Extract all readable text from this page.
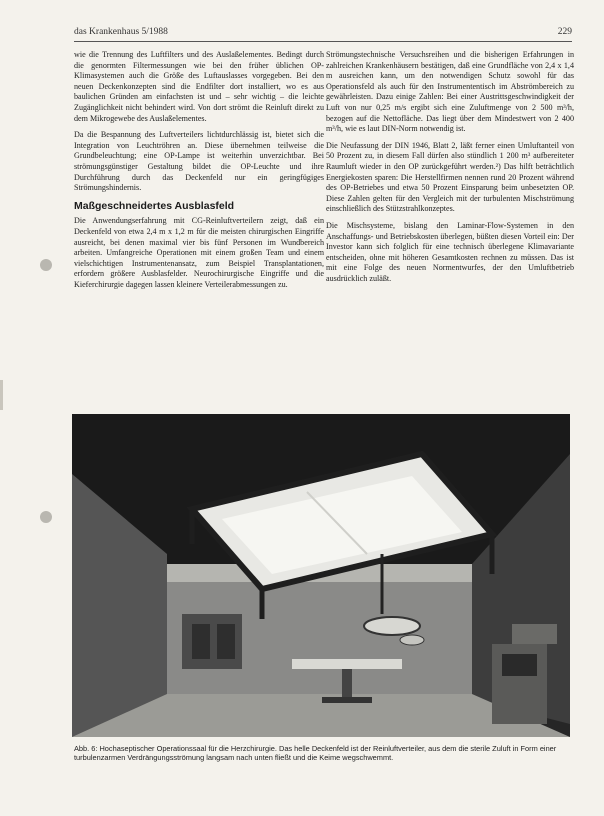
das Krankenhaus 5/1988	229

wie die Trennung des Luftfilters und des Auslaßelementes. Bedingt durch die genormten Filtermessungen wie bei den früher üblichen OP-Klimasystemen auch die Größe des Luftauslasses vorgegeben. Bei den neuen Deckenkonzepten sind die Endfilter dort installiert, wo es aus baulichen Gründen am einfachsten ist und – sehr wichtig – die leichte Zugänglichkeit nicht behindert wird. Von dort strömt die Reinluft direkt zu dem Mikrogewebe des Auslaßelementes.

Da die Bespannung des Luftverteilers lichtdurchlässig ist, bietet sich die Integration von Leuchtröhren an. Diese übernehmen teilweise die Grundbeleuchtung; eine OP-Lampe ist weiterhin unverzichtbar. Bei strömungsgünstiger Gestaltung bildet die OP-Leuchte und ihre Durchführung durch das Deckenfeld nur ein geringfügiges Strömungshindernis.

Maßgeschneidertes Ausblasfeld

Die Anwendungserfahrung mit CG-Reinluftverteilern zeigt, daß ein Deckenfeld von etwa 2,4 m x 1,2 m für die meisten chirurgischen Eingriffe ausreicht, bei denen maximal vier bis fünf Personen im Wundbereich arbeiten. Umfangreiche Operationen mit einem großen Team und einem vielschichtigen Instrumentenansatz, zum Beispiel Transplantationen, erfordern größere Ausblasfelder. Neurochirurgische Eingriffe und die Kieferchirurgie dagegen lassen kleinere Verteilerabmessungen zu.

Strömungstechnische Versuchsreihen und die bisherigen Erfahrungen in zahlreichen Krankenhäusern bestätigen, daß eine Grundfläche von 2,4 x 1,4 m ausreichen kann, um den notwendigen Schutz sowohl für das Operationsfeld als auch für den Instrumententisch im Abströmbereich zu gewährleisten. Dazu einige Zahlen: Bei einer Austrittsgeschwindigkeit der Luft von nur 0,25 m/s ergibt sich eine Zuluftmenge von 2 500 m³/h, bezogen auf die Nettofläche. Das liegt über dem Mindestwert von 2 400 m³/h, wie es laut DIN-Norm notwendig ist.

Die Neufassung der DIN 1946, Blatt 2, läßt ferner einen Umluftanteil von 50 Prozent zu, in diesem Fall dürfen also stündlich 1 200 m³ aufbereiteter Raumluft wieder in den OP zurückgeführt werden.²) Das hilft beträchtlich Energiekosten sparen: Die Herstellfirmen nennen rund 20 Prozent während des OP-Betriebes und etwa 50 Prozent Einsparung beim unbesetzten OP. Diese Zahlen gelten für den Vergleich mit der turbulenten Mischströmung einschließlich des Stützstrahlkonzeptes.

Die Mischsysteme, bislang den Laminar-Flow-Systemen in den Anschaffungs- und Betriebskosten überlegen, büßten diesen Vorteil ein: Der Investor kann sich folglich für eine technisch überlegene Klimavariante entscheiden, ohne mit höheren Gesamtkosten rechnen zu müssen. Das ist mit eine Folge des neuen Normentwurfes, der den Umluftbetrieb ausdrücklich zuläßt.

Abb. 6: Hochaseptischer Operationssaal für die Herzchirurgie. Das helle Deckenfeld ist der Reinluftverteiler, aus dem die sterile Zuluft in Form einer turbulenzarmen Verdrängungsströmung langsam nach unten fließt und die Keime wegschwemmt.
